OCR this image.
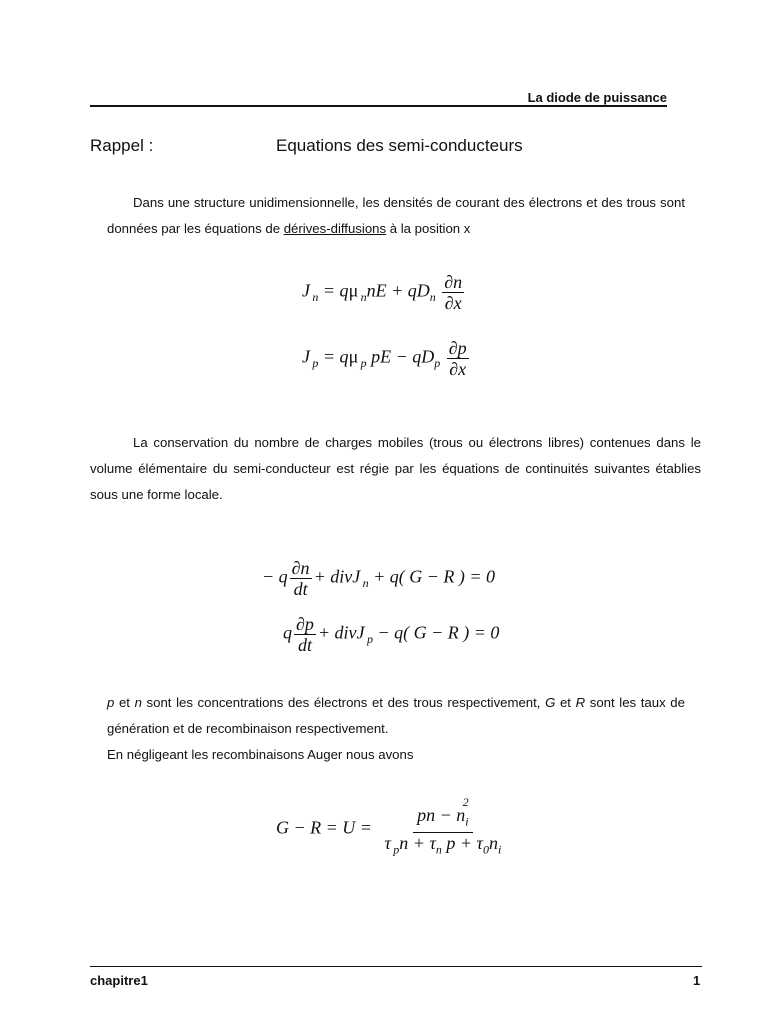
La diode de puissance
Rappel :	Equations des semi-conducteurs
Dans une structure unidimensionnelle, les densités de courant des électrons et des trous sont données par les équations de dérives-diffusions à la position x
J $_n$ = qμ $_nnE + qD_n \frac{\partial n}{\partial x}$
J $_p$ = qμ $_p$ pE − $qD_p \frac{\partial p}{\partial x}$
La conservation du nombre de charges mobiles (trous ou électrons libres) contenues dans le volume élémentaire du semi-conducteur est régie par les équations de continuités suivantes établies sous une forme locale.
− q $\frac{\partial n}{dt}$ + divJ $_n$ + q( G − R ) = 0
q $\frac{\partial p}{dt}$ + divJ $_p$ − q( G − R ) = 0
p et n sont les concentrations des électrons et des trous respectivement, G et R sont les taux de génération et de recombinaison respectivement.
En négligeant les recombinaisons Auger nous avons
$G - R = U = \frac{pn - n_i^2}{\tau _pn + \tau_n p + \tau_0n_i}$
chapitre1	1
